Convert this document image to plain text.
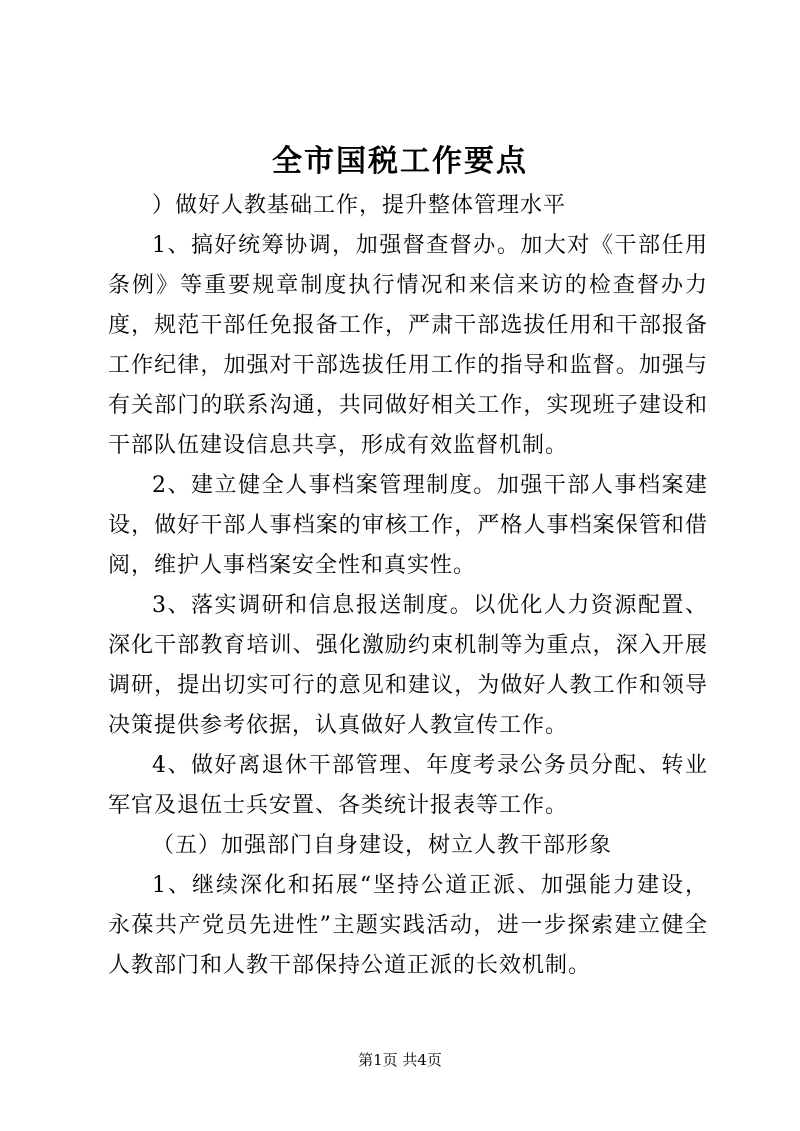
全市国税工作要点

）做好人教基础工作，提升整体管理水平

1、搞好统筹协调，加强督查督办。加大对《干部任用条例》等重要规章制度执行情况和来信来访的检查督办力度，规范干部任免报备工作，严肃干部选拔任用和干部报备工作纪律，加强对干部选拔任用工作的指导和监督。加强与有关部门的联系沟通，共同做好相关工作，实现班子建设和干部队伍建设信息共享，形成有效监督机制。

2、建立健全人事档案管理制度。加强干部人事档案建设，做好干部人事档案的审核工作，严格人事档案保管和借阅，维护人事档案安全性和真实性。

3、落实调研和信息报送制度。以优化人力资源配置、深化干部教育培训、强化激励约束机制等为重点，深入开展调研，提出切实可行的意见和建议，为做好人教工作和领导决策提供参考依据，认真做好人教宣传工作。

4、做好离退休干部管理、年度考录公务员分配、转业军官及退伍士兵安置、各类统计报表等工作。

（五）加强部门自身建设，树立人教干部形象

1、继续深化和拓展“坚持公道正派、加强能力建设，永葆共产党员先进性”主题实践活动，进一步探索建立健全人教部门和人教干部保持公道正派的长效机制。

第1页 共4页
